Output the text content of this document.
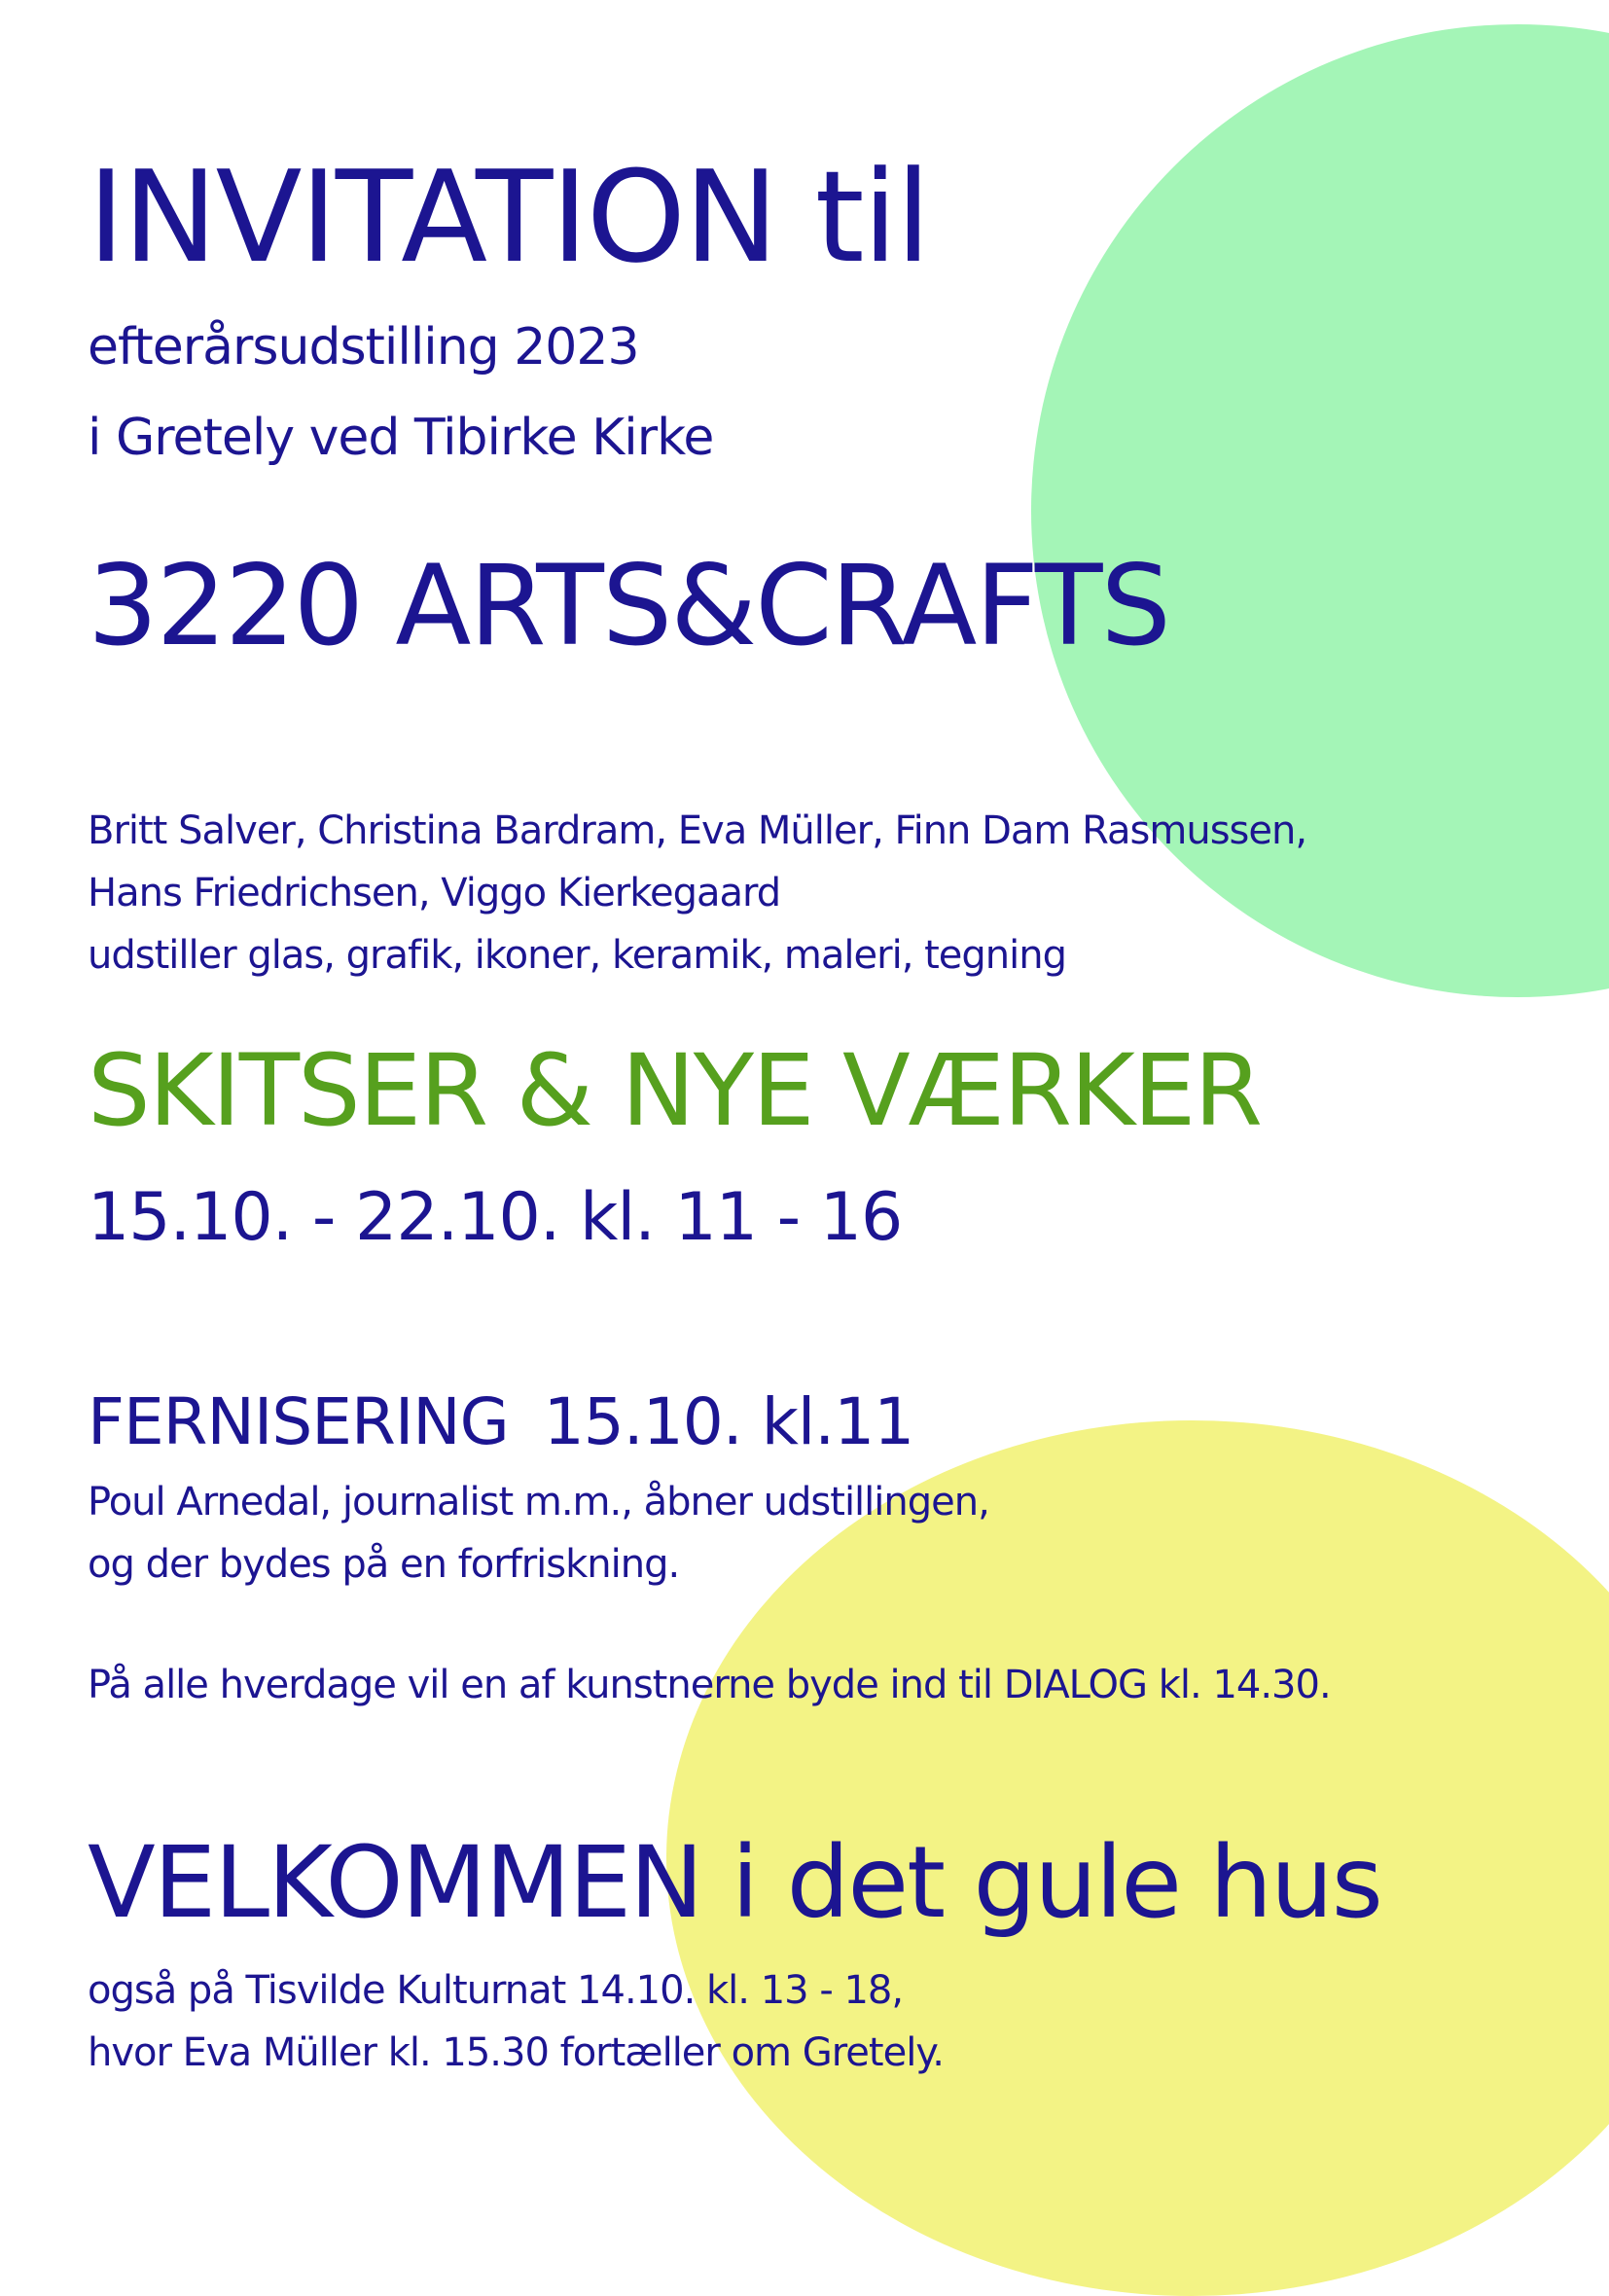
INVITATION til

efterårsudstilling 2023

i Gretely ved Tibirke Kirke

3220 ARTS&CRAFTS
Britt Salver, Christina Bardram, Eva Müller, Finn Dam Rasmussen,
Hans Friedrichsen, Viggo Kierkegaard
udstiller glas, grafik, ikoner, keramik, maleri, tegning
SKITSER & NYE VÆRKER

15.10. - 22.10. kl. 11 - 16

FERNISERING 15.10. kl.11
Poul Arnedal, journalist m.m., åbner udstillingen,
og der bydes på en forfriskning.

På alle hverdage vil en af kunstnerne byde ind til DIALOG kl. 14.30.

VELKOMMEN i det gule hus
også på Tisvilde Kulturnat 14.10. kl. 13 - 18,
hvor Eva Müller kl. 15.30 fortæller om Gretely.
